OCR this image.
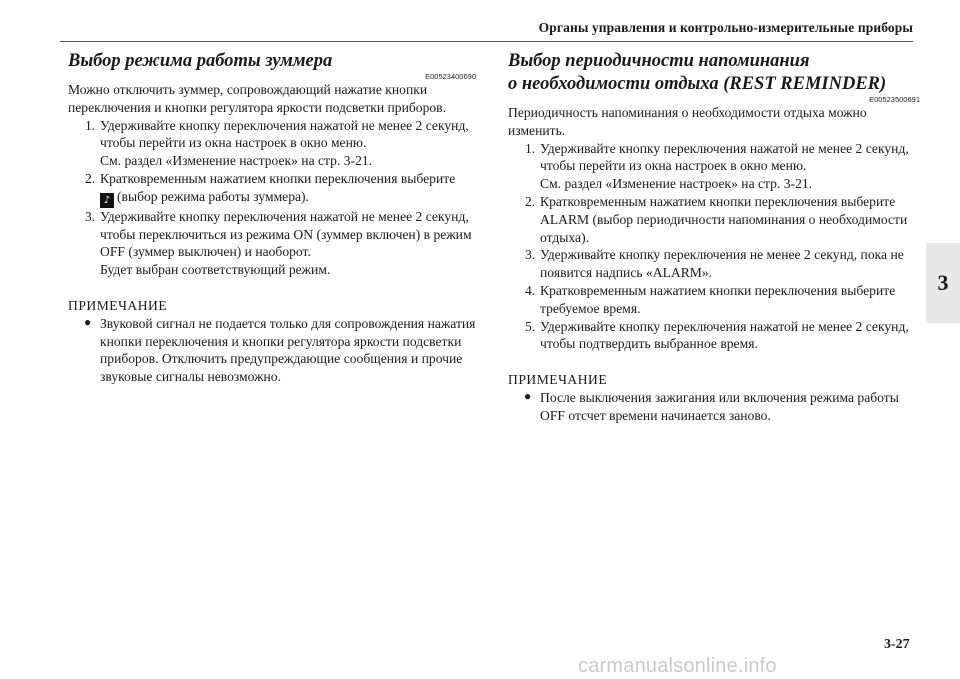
Органы управления и контрольно-измерительные приборы
3
Выбор режима работы зуммера
E00523400690

Можно отключить зуммер, сопровождающий нажатие кнопки переключения и кнопки регулятора яркости подсветки приборов.

1. Удерживайте кнопку переключения нажатой не менее 2 секунд,
чтобы перейти из окна настроек в окно меню.
См. раздел «Изменение настроек» на стр. 3-21.
2. Кратковременным нажатием кнопки переключения выберите
♪ (выбор режима работы зуммера).
3. Удерживайте кнопку переключения нажатой не менее 2 секунд,
чтобы переключиться из режима ON (зуммер включен) в режим
OFF (зуммер выключен) и наоборот.
Будет выбран соответствующий режим.
ПРИМЕЧАНИЕ
● Звуковой сигнал не подается только для сопровождения нажатия кнопки переключения и кнопки регулятора яркости подсветки приборов. Отключить предупреждающие сообщения и прочие звуковые сигналы невозможно.
Выбор периодичности напоминания
о необходимости отдыха (REST REMINDER)
E00523500691

Периодичность напоминания о необходимости отдыха можно изменить.

1. Удерживайте кнопку переключения нажатой не менее 2 секунд,
чтобы перейти из окна настроек в окно меню.
См. раздел «Изменение настроек» на стр. 3-21.
2. Кратковременным нажатием кнопки переключения выберите
ALARM (выбор периодичности напоминания о необходимости
отдыха).
3. Удерживайте кнопку переключения не менее 2 секунд, пока не
появится надпись «ALARM».
4. Кратковременным нажатием кнопки переключения выберите
требуемое время.
5. Удерживайте кнопку переключения нажатой не менее 2 секунд,
чтобы подтвердить выбранное время.
ПРИМЕЧАНИЕ
● После выключения зажигания или включения режима работы OFF отсчет времени начинается заново.
3-27
carmanualsonline.info
